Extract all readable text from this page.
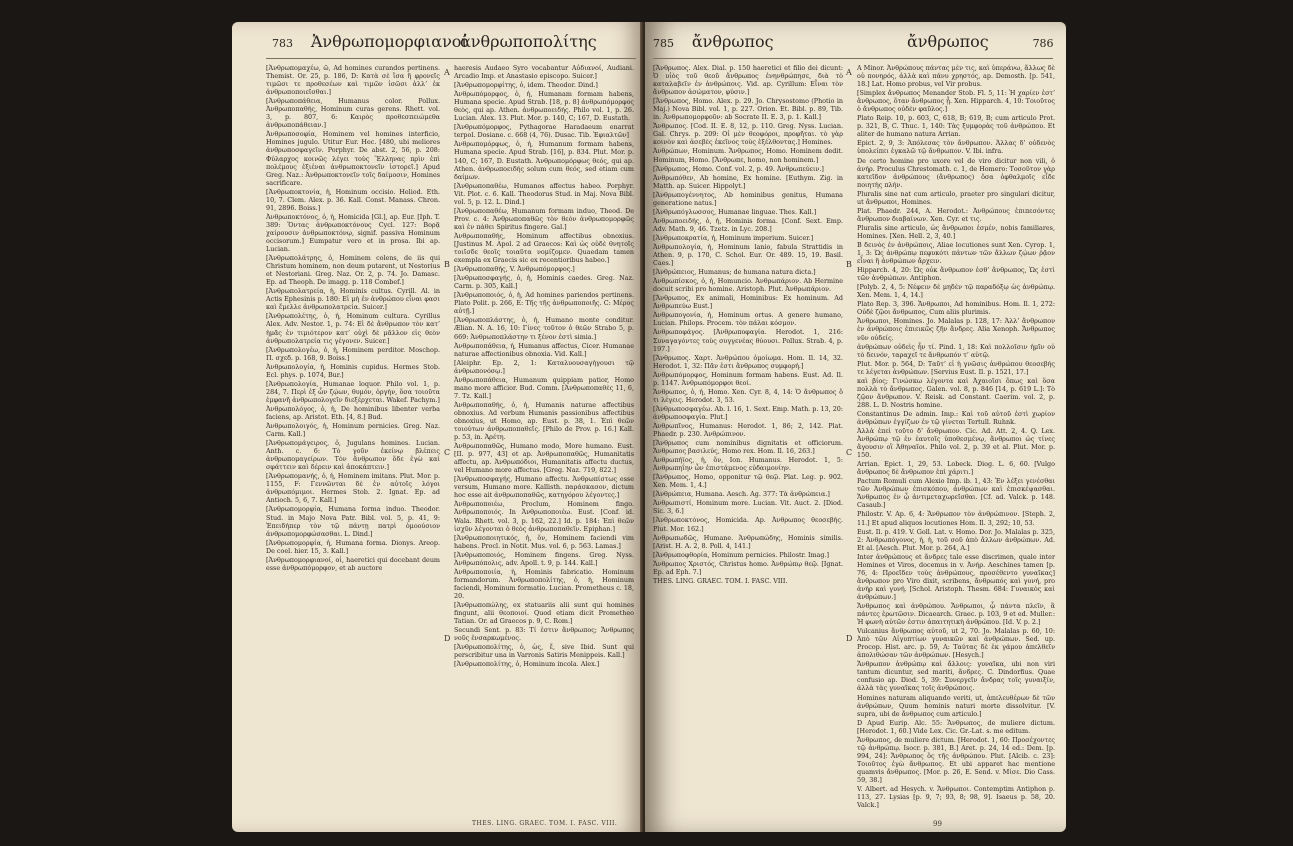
783 Ἀνθρωπομορφιανοί
ἀνθρωποπολίτης

[Ἀνθρωπομαχέω, ῶ, Ad homines curandos pertinens. Themist. Or. 25, p. 186, D: Κατὰ σὲ ἴσα ἢ φρονεῖς τιμῶσι τε προθεσέων καὶ τιμῶν ἰσῶσι ἀλλ’ ἐκ ἀνθρωποποιεῖσθαι.]

[Ἀνθρωποπάθεια, Humanus color. Pollux. Ἀνθρωποπαθής, Hominum curas gerens. Rhett. vol. 3, p. 807, 6: Καιρὸς προθεσπειώμεθα ἀνθρωποπάθειαν.]

Ἀνθρωποσοφία, Hominem vel homines interficio, Homines jugulo. Utitur Eur. Hec. [480, ubi meliores ἀνθρωποσφαγεῖν. Porphyr. De abst. 2, 56, p. 208: Φύλαρχος κοινῶς λέγει τοὺς Ἕλληνας πρὶν ἐπὶ πολέμους ἐξιέναι ἀνθρωποκτονεῖν ἱστορεῖ.] Apud Greg. Naz.: Ἀνθρωποκτονεῖν τοῖς δαίμοσιν, Homines sacrificare.

[Ἀνθρωποκτονία, ἡ, Hominum occisio. Heliod. Eth. 10, 7. Clem. Alex. p. 36. Kall. Const. Manass. Chron. 91, 2896. Boiss.]

Ἀνθρωποκτόνος, ὁ, ἡ, Homicida [Gl.], ap. Eur. [Iph. T. 389: Ὅντας ἀνθρωποκτόνους Cycl. 127: Βορᾷ χαίρουσιν ἀνθρωποκτόνῳ, signif. passiva Hominum occisorum.] Eumpatur vero et in prosa. Ibi ap. Lucian.

[Ἀνθρωπολάτρης, ὁ, Hominem colens, de iis qui Christum hominem, non deum putarent, ut Nestorius et Nestoriani. Greg. Naz. Or. 2, p. 74. Jo. Damasc. Ep. ad Theoph. De imagg. p. 118 Combef.]

[Ἀνθρωπολατρεία, ἡ, Hominis cultus. Cyrill. Al. in Actis Ephesinis p. 180: Εἰ μὴ ἐν ἀνθρώπου εἶναι φασι καὶ ἔμελλε ἀνθρωπολατρεία. Suicer.]

[Ἀνθρωπολέτης, ὁ, ἡ, Hominum cultura. Cyrillus Alex. Adv. Nestor. 1, p. 74: Εἰ δὲ ἄνθρωπον τὸν κατ’ ἡμᾶς ἐν τιμιότερον κατ’ οὐχὶ δὲ μᾶλλον εἰς θεὸν ἀνθρωπολατρεία τις γέγονεν. Suicer.]

[Ἀνθρωπολογέω, ὁ, ἡ, Hominem perditor. Moschop. Π. σχεδ. p. 168, 9. Boiss.]

Ἀνθρωπολογία, ἡ, Hominis cupidus. Hermes Stob. Ecl. phys. p. 1074, Bur.]

[Ἀνθρωπολογία, Humanae loquor. Philo vol. 1, p. 284, 7. Περὶ ἐξ ὧν ζῴων, θυμόν, ὀργὴν, ὅσα τοιοῦτα ἐμφανῆ ἀνθρωπολογεῖν διεξέρχεται. Wakef. Pachym.]

Ἀνθρωπολόγος, ὁ, ἡ, De hominibus libenter verba faciens, ap. Aristot. Eth. [4, 8.] Bud.

Ἀνθρωπολοιγός, ἡ, Hominum pernicies. Greg. Naz. Carm. Kall.]

[Ἀνθρωπομάγειρος, ὁ, Jugulans homines. Lucian. Anth. c. 6: Τὸ γοῦν ἐκείνῳ βλέπεις ἀνθρωπομαγείρων. Τὸν ἄνθρωπον ὅδε ἐγὼ καὶ σφάττειν καὶ δέρειν καὶ ἀποκάπτειν.]

[Ἀνθρωπομανής, ὁ, ἡ, Hominem imitans. Plut. Mor. p. 1155, F: Γεννῶνται δὲ ἐν αὐτοῖς λόγοι ἀνθρωπόμιμοι. Hermes Stob. 2. Ignat. Ep. ad Antioch. 5, 6, 7. Kall.]

[Ἀνθρωπομορφία, Humana forma induo. Theodor. Stud. in Majo Nova Patr. Bibl. vol. 5, p. 41, 9: Ἐπειδήπερ τὸν τῷ πάντῃ πατρὶ ὁμοούσιον ἀνθρωπομορφώσασθαι. L. Dind.]

[Ἀνθρωπομορφία, ἡ, Humana forma. Dionys. Areop. De coel. hier. 15, 3. Kall.]

[Ἀνθρωπομορφιανοί, οἱ, haeretici qui docebant deum esse ἀνθρωπόμορφον, et ab auctore

haeresis Audaeo Syro vocabantur Αὐδιανοί, Audiani. Arcadio Imp. et Anastasio episcopo. Suicer.]

[Ἀνθρωπομορφίτης, ὁ, idem. Theodor. Dind.]

Ἀνθρωπόμορφος, ὁ, ἡ, Humanam formam habens, Humana specie. Apud Strab. [18, p. 8] ἀνθρωπόμορφος θεὸς, qui ap. Athen. ἀνθρωποειδής. Philo vol. 1, p. 26. Lucian. Alex. 13. Plut. Mor. p. 140, C; 167, D. Eustath.

[Ἀνθρωπόμορφος, Pythagorae Haradaeum enarrat terpol. Dosiane. c. 668 (4, 76). Dusac. Tib. Ἐφιαλτῶν]

Ἀνθρωπομόρφως, ὁ, ἡ, Humanum formam habens, Humana specie. Apud Strab. [16], p. 834. Plut. Mor. p. 140, C; 167, D. Eustath. Ἀνθρωπομόρφως θεός, qui ap. Athen. ἀνθρωποειδής solum cum θεός, sed etiam cum δαίμων.

[Ἀνθρωποπαθέω, Humanos affectus habeo. Porphyr. Vit. Plot. c. 6. Kall. Theodorus Stud. in Maj. Nova Bibl. vol. 5, p. 12. L. Dind.]

[Ἀνθρωποπαθέω, Humanum formam induo, Theod. De Prov. c. 4: Ἀνθρωποπαθῶς τὸν θεὸν ἀνθρωπομορφῶς καὶ ἐν πάθει Spiritus fingere. Gal.]

Ἀνθρωποπαθής, Hominum affectibus obnoxius. [Justinus M. Apol. 2 ad Graecos: Καὶ ὡς οὐδὲ θνητοῖς τοιῖσδε θεοῖς τοιαῦτα νομίζομεν. Quaedam tamen exempla ex Graecis sic ex recentioribus habeo.]

[Ἀνθρωποπαθής, V. Ἀνθρωπόμορφος.]

[Ἀνθρωποσφαγής, ὁ, ἡ, Hominis caedes. Greg. Naz. Carm. p. 305, Kall.]

[Ἀνθρωποποιός, ὁ, ἡ, Ad homines pariendos pertinens. Plato Polit. p. 266, E: Τῆς τῆς ἀνθρωποποιῆς. C: Μέρος αὐτῇ.]

[Ἀνθρωποπλάστης, ὁ, ἡ, Humano monte conditur. Ælian. N. A. 16, 10: Γίνες τοῦτον ὁ θεῶν Strabo 5, p. 669: Ἀνθρωποπλάστην τι ξένον ἐστὶ simia.]

Ἀνθρωποπάθεια, ἡ, Humanus affectus, Cicer. Humanae naturae affectionibus obnoxia. Vid. Kall.]

[Aleiphr. Ep. 2, 1: Καταλυουσαγήγουσι τῷ ἀνθρωπονόσῳ.]

Ἀνθρωποπάθεια, Humanum quippiam patior, Homo mano more afficior. Bud. Comm. [Ἀνθρωποπαθὲς 11, 6, 7. Tz. Kall.]

Ἀνθρωποπαθής, ὁ, ἡ, Humanis naturae affectibus obnoxius. Ad verbum Humanis passionibus affectibus obnoxius, ut Homo, ap. Eust. p. 38, 1. Ἐπὶ θεῶν τοιούτων ἀνθρωποπαθεῖς. [Philo de Prov. p. 16.] Kall. p. 53, in. Ἀρέτη.

Ἀνθρωποπαθῶς, Humano modo, More humano. Eust. [II. p. 977, 43] et ap. Ἀνθρωποπαθῶς, Humanitatis affectu, ap. Ἀνθρωπόδιοι, Humanitatis affectu ductus, vel Humano more affectus. [Greg. Naz. 719, 822.]

[Ἀνθρωποσφαγής, Humano affectu. Ἀνθρωπίστως esse versum, Humano more. Kallisth. παράσκασον, dictum hoc esse ait ἀνθρωποπαθῶς, κατηγόρου λέγοντες.]

Ἀνθρωποποιέω, Proclum, Hominem fingo. Ἀνθρωποποιός. In Ἀνθρωποποιέω. Eust. [Conf. id. Wala. Rhett. vol. 3, p. 162, 22.] Id. p. 184: Ἐπὶ θεῶν ἰσχῦν λέγονται ὁ θεὸς ἀνθρωποπαθεῖν. Epiphan.]

[Ἀνθρωποποιητικός, ἡ, ὄν, Hominem faciendi vim habens. Procl. in Notit. Mus. vol. 6, p. 563. Lamas.]

[Ἀνθρωποποιός, Hominem fingens. Greg. Nyss. Ἀνθρωπόπολις, adv. Apoll. t. 9, p. 144. Kall.]

Ἀνθρωποποιία, ἡ, Hominis fabricatio. Hominum formandorum. Ἀνθρωποπολίτης, ὁ, ἡ, Hominum faciendi, Hominum formatio. Lucian. Prometheus c. 18, 20.

[Ἀνθρωποπώλης, ex statuariis alii sunt qui homines fingunt, alii θεοποιοί. Quod etiam dicit Prometheo Tatian. Or. ad Graecos p. 9, C. Rom.]

Secundi Sent. p. 83: Τί ἐστιν ἄνθρωπος; Ἄνθρωπος νοῦς ἐνσαρκωμένος.

[Ἀνθρωποπολίτης, ὁ, ὡς, ἔ, sive Ibid. Sunt qui perscribitur una in Varronis Satiris Menippeis. Kall.]

[Ἀνθρωποπολίτης, ὁ, Hominum incola. Alex.]

A
B
C
D
THES. LING. GRAEC. TOM. I. FASC. VIII.
785 ἄνθρωπος	ἄνθρωπος	786

[Ἄνθρωπος. Alex. Dial. p. 150 haeretici et filio dei dicunt: Ὁ υἱὸς τοῦ θεοῦ ἄνθρωπος ἐνηνθρώπησε, διὰ τὸ καταλαβεῖν ἐν ἀνθρώποις. Vid. ap. Cyrillum: Εἶναι τὸν ἄνθρωπον ἀσώματον, φύσιν.]

[Ἄνθρωπος, Homo. Alex. p. 29. Jo. Chrysostomo (Photio in Maj.) Nova Bibl. vol. 1, p. 227. Orion. Et. Bibl. p. 89, Tib. in. Ἀνθρωπομορφοῦν: ab Socrate II. E. 3, p. 1. Kall.]

Ἄνθρωπος. [Cod. II. E. 8, 12, p. 110. Greg. Nyss. Lucian. Gal. Chrys. p. 209: Οἱ μὲν θεοφόροι, προφῆται. τὸ γὰρ κοινὸν καὶ ἀσεβὲς ἐκεῖνος τοὺς ἐξέλθοντας.] Homines.

Ἀνθρώπων, Hominum. Ἄνθρωπος, Homo. Hominem dedit. Hominum, Homo. [Ἄνθρωπε, homo, non hominem.]

[Ἄνθρωπος, Homo. Conf. vol. 2, p. 49. Ἀνθρωπεύειν.]

Ἀνθρωπόθεν, Ab homine, Ex homine. [Euthym. Zig. in Matth. ap. Suicer. Hippolyt.]

[Ἀνθρωπογέννητος, Ab hominibus genitus, Humana generatione natus.]

[Ἀνθρωπόγλωσσος, Humanae linguae. Thes. Kall.]

Ἀνθρωποειδής, ὁ, ἡ, Hominis forma. [Conf. Sext. Emp. Adv. Math. 9, 46. Tzetz. in Lyc. 208.]

[Ἀνθρωποκρατία, ἡ, Hominum imperium. Suicer.]

Ἀνθρωπολογία, ἡ, Hominum lanio, fabula Strattidis in Athen. 9, p. 170, C. Schol. Eur. Or. 489. 15, 19. Basil. Caes.]

[Ἀνθρώπειος, Humanus; de humana natura dicta.]

Ἀνθρωπίσκος, ὁ, ἡ, Homuncio. Ἀνθρωπάριον. Ab Hermine docuit scribi pro homine. Aristoph. Plut. Ἀνθρωπάριον.

[Ἄνθρωπος, Ex animali, Hominibus: Ex hominum. Ad Ἀνθρωπεύω Eust.]

Ἀνθρωπογονία, ἡ, Hominum ortus. A genere humano, Lucian. Philops. Procem. τὸν πάλαι κόσμον.

Ἀνθρωποφάγος. [Ἀνθρωποφαγία. Herodot. 1, 216: Συναγαγόντες τοὺς συγγενέας θύουσι. Pollux. Strab. 4, p. 197.]

[Ἄνθρωπος. Χαρτ. Ἀνθρώπου ὁμοίωμα. Hom. Il. 14, 32. Herodot. 1, 32: Πᾶν ἐστι ἄνθρωπος συμφορή.]

Ἀνθρωπόμορφος, Hominum formam habens. Eust. Ad. Il. p. 1147. Ἀνθρωπόμορφοι θεοί.

Ἄνθρωπος, ὁ, ἡ, Homo. Xen. Cyr. 8, 4, 14: Ὁ ἄνθρωπος ὅ τι λέγεις. Herodot. 3, 53.

[Ἀνθρωποσφαγέω. Ab. l. 16, 1. Sext. Emp. Math. p. 13, 20: ἀνθρωποσφαγία. Plut.]

Ἀνθρωπῖνος, Humanus: Herodot. 1, 86; 2, 142. Plat. Phaedr. p. 230. Ἀνθρώπινον.

[Ἄνθρωπος cum nominibus dignitatis et officiorum. Ἄνθρωπος βασιλεύς, Homo rex. Hom. Il. 16, 263.]

Ἀνθρωπήϊος, ἡ, ὄν, Ion. Humanus. Herodot. 1, 5: Ἀνθρωπηΐην ὦν ἐπιστάμενος εὐδαιμονίην.

[Ἄνθρωπος, Homo, opponitur τῷ θεῷ. Plat. Leg. p. 902. Xen. Mem. 1, 4.]

[Ἀνθρώπεια, Humana. Aesch. Ag. 377: Τὰ ἀνθρώπεια.]

Ἀνθρωπιστί, Hominum more. Lucian. Vit. Auct. 2. [Diod. Sic. 3, 6.]

[Ἀνθρωποκτόνος, Homicida. Ap. Ἀνθρωπος θεοσεβής. Plut. Mor. 162.]

Ἀνθρωπωδῶς, Humane. Ἀνθρωπώδης, Hominis similis. [Arist. H. A. 2, 8. Poll. 4, 141.]

[Ἀνθρωποφθορία, Hominum pernicies. Philostr. Imag.]

Ἄνθρωπος Χριστός, Christus homo. Ἀνθρώπῳ θεῷ. [Ignat. Ep. ad Eph. 7.]

THES. LING. GRAEC. TOM. I. FASC. VIII.

A Minor. Ἀνθρώπους πάντας μὲν τις, καὶ ὑπεράνω, ἄλλως δὲ οὐ πονηρός, ἀλλὰ καὶ πάνυ χρηστός, ap. Demosth. [p. 541, 18.] Lat. Homo probus, vel Vir probus.

[Simplex ἄνθρωπος Menander Stob. Fl. 5, 11: Ἡ χαρίεν ἐστ’ ἄνθρωπος, ὅταν ἄνθρωπος ᾖ. Xen. Hipparch. 4, 10: Τοιοῦτος ὁ ἄνθρωπος οὐδὲν φαῦλος.]

Plato Reip. 10, p. 603, C, 618, B; 619, B; cum articulo Prot. p. 321, B, C. Thuc. 1, 140: Τὰς ξυμφορὰς τοῦ ἀνθρώπου. Et aliter de humano natura Arrian.

Epict. 2, 9, 3: Ἀπόλεσας τὸν ἄνθρωπον. Ἀλλας δ’ οὐδενὸς ὑπολείπει ἐγκαλῶ τῷ ἄνθρωπον. V. Ibi. infra.

De certo homine pro uxore vel de viro dicitur non vili, ὁ ἀνήρ. Proculus Chrestomath. c. 1, de Homero: Τοσοῦτον γὰρ κατεῖδον ἀνθρώπους (ἄνθρωπος) ὅσα ὀφθαλμοῖς εἶδε ποιητὴς πλήν.

Pluralis sine nat cum articulo, praeter pro singulari dicitur, ut ἄνθρωποι, Homines.

Plat. Phaedr. 244, A. Herodot.: Ἀνθρώπους ἐπιπεσόντες ἄνθρωπον διαβαίνων. Xen. Cyr. et τις.

Pluralis sine articulo, ὡς ἄνθρωποι ἐσμέν, nobis familiares, Homines. [Xen. Hell. 2, 3, 40.]

B δεινὸς ἐν ἀνθρώποις, Aliae locutiones sunt Xen. Cyrop. 1, 1, 3: Ὡς ἀνθρώπῳ πεφυκότι πάντων τῶν ἄλλων ζῴων ῥᾷον εἶναι ἢ ἀνθρώπων ἄρχειν.

Hipparch. 4, 20: Ὡς οὐκ ἄνθρωπον ἐσθ’ ἄνθρωπος, Ὡς ἐστὶ τῶν ἀνθρώπων. Antiphon.

[Polyb. 2, 4, 5: Νέφειν δὲ μηδὲν τῷ παραδόξῳ ὡς ἀνθρώπῳ. Xen. Mem. 1, 4, 14.]

Plato Rep. 3, 396. Ἄνθρωποι, Ad hominibus. Hom. Il. 1, 272: Οὐδὲ ζῷοι ἄνθρωπος, Cum aliis plurimis.

Ἄνθρωποι, Homines. Jo. Malalas p. 128, 17: Ἀλλ’ ἄνθρωπον ἐν ἀνθρώποις ἐπιεικῶς ζῆν ἄνδρες. Alia Xenoph. Ἄνθρωπος νῦν οὐδείς.

ἀνθρώπων οὐδεὶς ἦν τί. Pind. 1, 18: Καὶ πολλοῖσιν ἡμῖν οὐ τὸ δεινόν, ταραχεῖ τε ἄνθρωπόν τ’ αὐτῷ.

Plut. Mor. p. 564, D: Ταῦτ’ εἰ ἡ γνῶσις ἀνθρώπου θεοσεβής τε λέγεται ἀνθρώπων. [Servius Eust. Il. p. 1521, 17.]

καὶ βίος; Γινώσκω λέγοντα καὶ Ἀχαιοῖσι ὅπως καὶ ὅσα πολλὰ τὸ ἄνθρωπος. Galen. vol. 8, p. 846 [14, p. 619 L.]: Τὸ ζῷον ἄνθρωπον. V. Reisk. ad Constant. Caerim. vol. 2, p. 288. L. D. Nostris homine.

Constantinus De admin. Imp.: Καὶ τοῦ αὐτοῦ ἐστὶ χωρίον ἀνθρώπων ἐγγίζων ἐν τῷ γίνεται Tertull. Ruhnk.

Ἀλλὰ ἐπεὶ τοῦτο δ’ ἄνθρωπον. Cic. Ad. Att. 2, 4. Q. Lex. Ἀνθρώπῳ τῷ ἐν ἑαυτοῖς ὑποθεσμένῳ, ἄνθρωποι ὡς τίνες ἄγουσιν οἳ Ἀθηναῖοι. Philo vol. 2, p. 39 et al. Plut. Mor. p. 150.

Arrian. Epict. 1, 29, 53. Lobeck. Diog. L. 6, 60. [Vulgo ἄνθρωπος δὲ ἄνθρωπον ἐπὶ χάριτι.]

Pactum Romuli cum Alexio Imp. ib. 1, 43: Ἐν λέξει γενέσθαι τῶν Ἀνθρώπων ἐπισκόπου, ἀνθρώπων καὶ ἐπισκέψασθαι. Ἄνθρωπος ἐν ᾧ ἀντιμεταχωρεῖσθαι. [Cf. ad. Valck. p. 148. Casaub.]

Philostr. V. Ap. 6, 4: Ἄνθρωπον τὸν ἀνθρώπινον. [Steph. 2, 11.] Et apud aliquos locutiones Hom. Il. 3, 292; 10, 53.

Eust. Il. p. 419. V. Goll. Lat. v. Homo. Dor. Jo. Malalas p. 325, 2: Ἀνθρωπόγονος, ἡ, ἡ, τοῦ σοῦ ἀπὸ ἄλλων ἀνθρώπων. Ad. Et al. [Aesch. Plut. Mor. p. 264, A.]

Inter ἀνθρώπους et ἄνδρες tale esse discrimen, quale inter Homines et Viros, docemus in v. Ἀνήρ. Aeschines tamen [p. 76, 4: Προεῖδεν τοὺς ἀνθρώπους, προσέθεντο γυναῖκας] ἄνθρωπον pro Viro dixit, scribens, ἄνθρωπός καὶ γυνή, pro ἀνὴρ καὶ γυνή. [Schol. Aristoph. Thesm. 684: Γυναικὸς καὶ ἀνθρώπων.]

Ἄνθρωπος καὶ ἀνθρώπου. Ἄνθρωποι, ᾧ πάντα πλεῖν, ἃ πάντες ἐρωτῶσιν. Dicaearch. Graec. p. 103, 9 et ed. Muller.: Ἡ φωνὴ αὐτῶν ἐστιν ἀπαιτητικὴ ἀνθρώπου. [Id. V. p. 2.]

Vulcanius ἄνθρωπος αὐτοῦ, ut 2, 70. Jo. Malalas p. 60, 10: Ἀπὸ τῶν Αἰγυπτίων γυναικῶν καὶ ἀνθρώπων. Sed. up. Procop. Hist. arc. p. 59, A: Ταύτας δὲ ἐκ γάμου ἀπελθεῖν ἀπολιθώσαν τῶν ἀνθρώπων. [Hesych.]

Ἄνθρωπον ἀνθρώπῳ καὶ ἄλλοις: γυναῖκα, ubi non viri tantum dicuntur, sed mariti, ἄνδρες. C. Dindorfius. Quae confusio ap. Diod. 5, 39: Συνεργεῖν ἄνδρας τοῖς γυναιξίν, ἀλλὰ τὰς γυναῖκας τοῖς ἀνθρώποις.

Homines naturam aliquando veriti, ut, ἀπελευθέρων δὲ τῶν ἀνθρώπων, Quum hominis naturi morte dissolvitur. [V. supra, ubi de ἄνθρωπος cum articulo.]

D Apud Eurip. Alc. 55: Ἄνθρωπος, de muliere dictum. [Herodot. 1, 60.] Vide Lex. Cic. Gr.-Lat. s. me editum.

Ἄνθρωπος, de muliere dictum. [Herodot. 1, 60: Προσέχοντες τῷ ἀνθρώπῳ. Isocr. p. 381, B.] Aret. p. 24, 14 ed.: Dem. [p. 994, 24]: Ἄνθρωπος ὃς τῆς ἀνθρώπου. Plut. [Alcib. c. 23]: Τοιοῦτος ἐγὼ ἄνθρωπος. Et ubi apparet hac mentione quamvis ἄνθρωπος. [Mor. p. 26, E. Send. v. Μίσε. Dio Cass. 59, 38.]

V. Albert. ad Hesych. v. Ἄνθρωποι. Contemptim Antiphon p. 113, 27. Lysias [p. 9, 7; 93, 8; 98, 9]. Isaeus p. 58, 20. Valck.]

A
B
C
D
99
